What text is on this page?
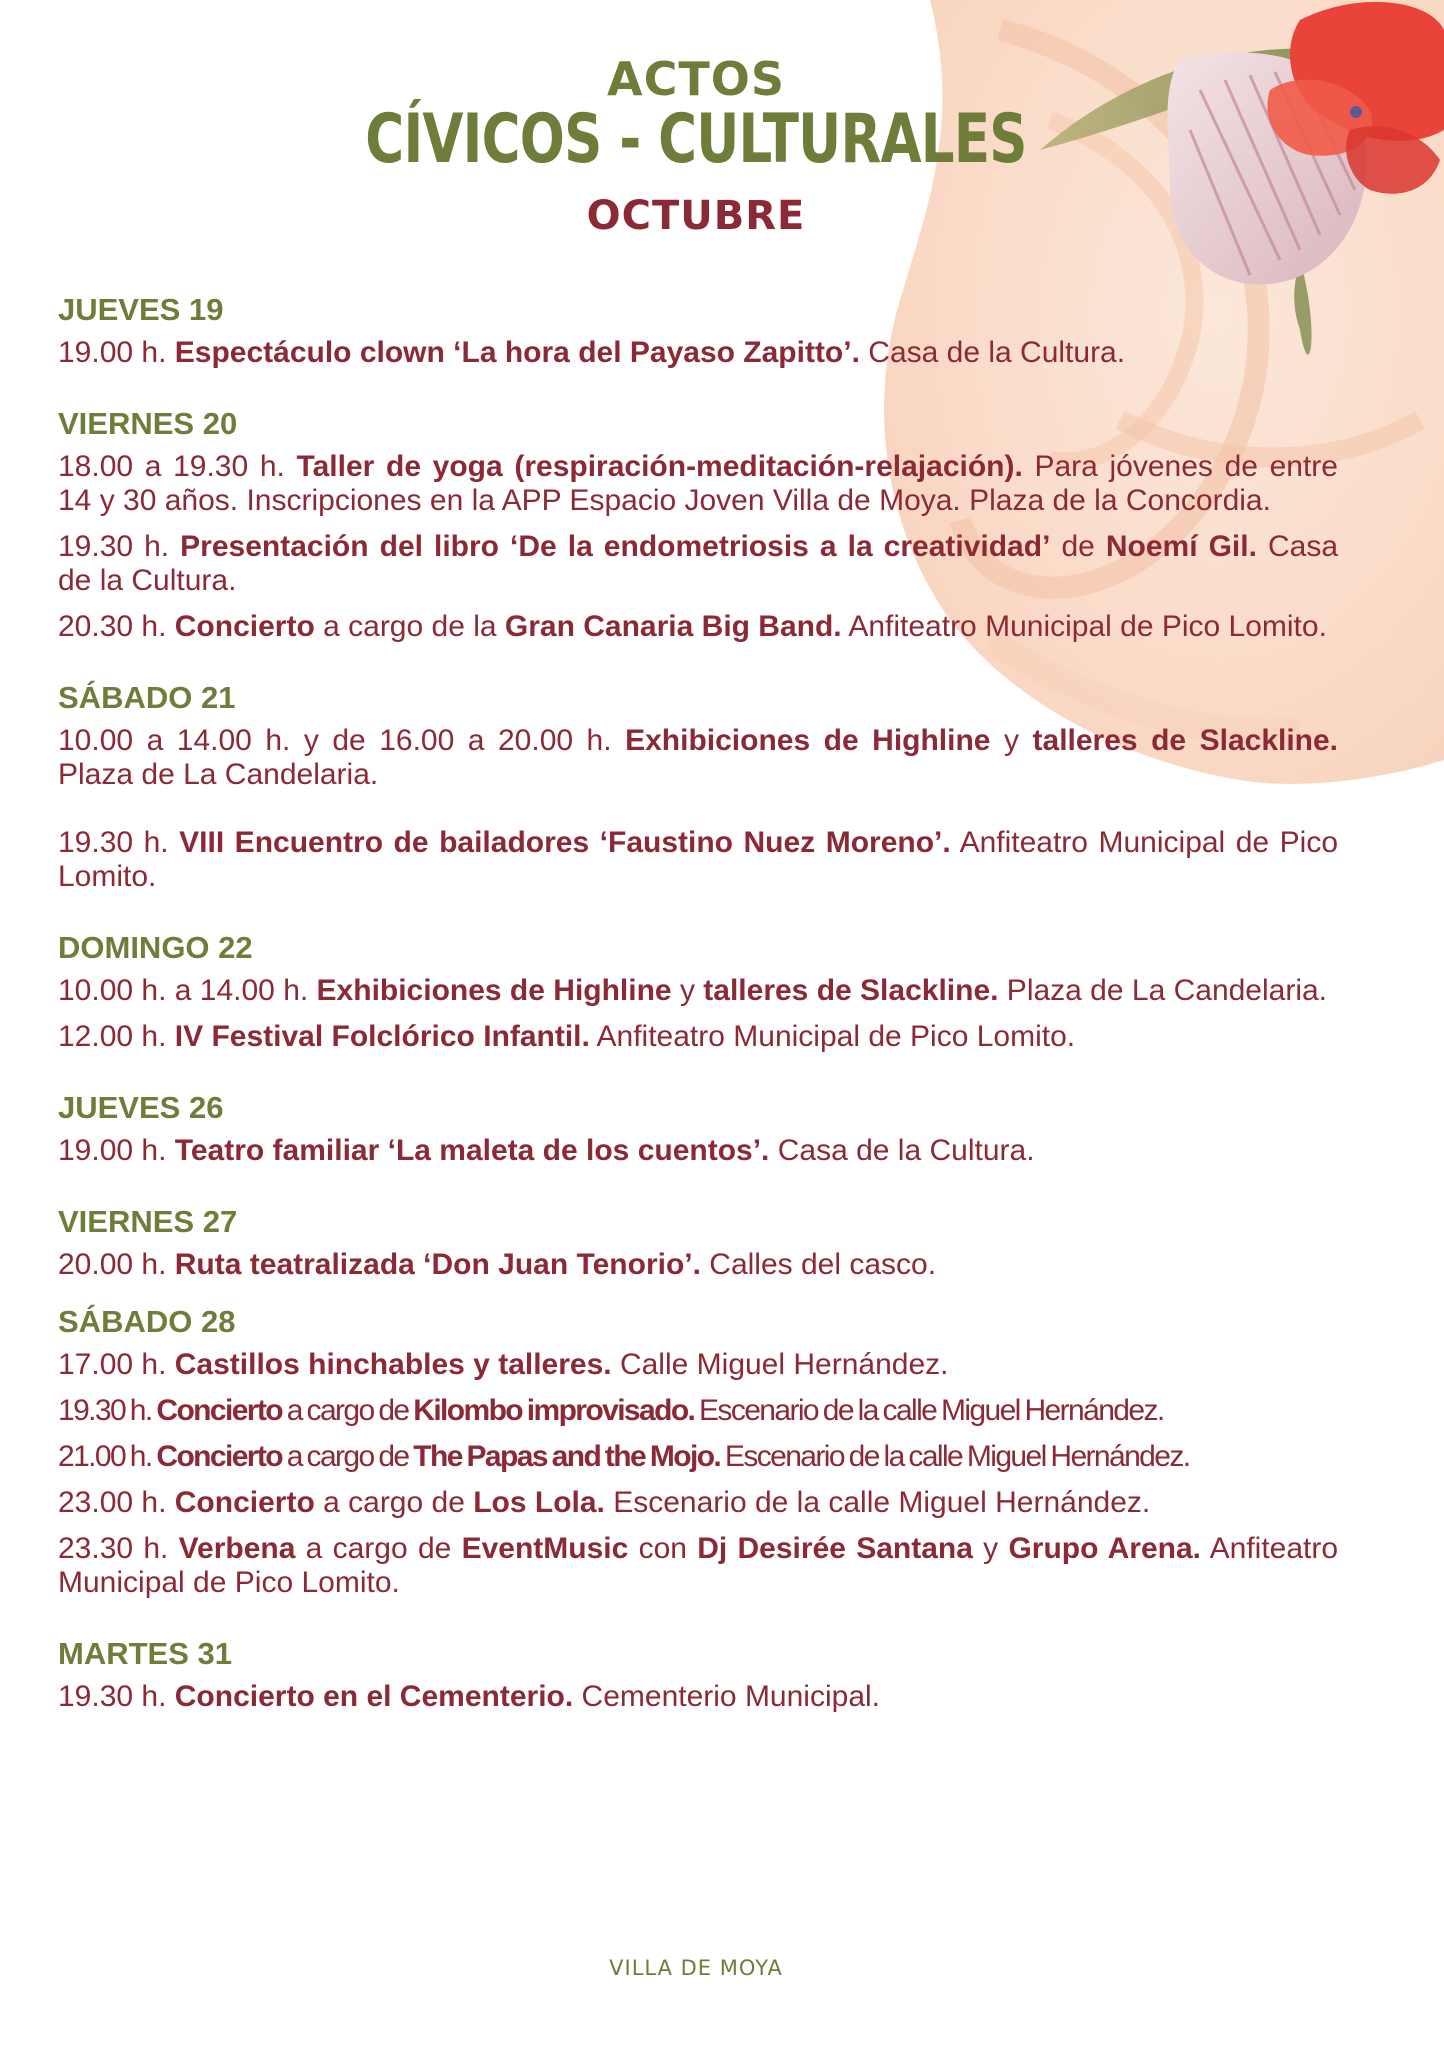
ACTOS
CÍVICOS - CULTURALES
OCTUBRE
JUEVES 19

19.00 h. Espectáculo clown ‘La hora del Payaso Zapitto’. Casa de la Cultura.

VIERNES 20

18.00 a 19.30 h. Taller de yoga (respiración-meditación-relajación). Para jóvenes de entre 14 y 30 años. Inscripciones en la APP Espacio Joven Villa de Moya. Plaza de la Concordia.

19.30 h. Presentación del libro ‘De la endometriosis a la creatividad’ de Noemí Gil. Casa de la Cultura.

20.30 h. Concierto a cargo de la Gran Canaria Big Band. Anfiteatro Municipal de Pico Lomito.

SÁBADO 21

10.00 a 14.00 h. y de 16.00 a 20.00 h. Exhibiciones de Highline y talleres de Slackline. Plaza de La Candelaria.

19.30 h. VIII Encuentro de bailadores ‘Faustino Nuez Moreno’. Anfiteatro Municipal de Pico Lomito.

DOMINGO 22

10.00 h. a 14.00 h. Exhibiciones de Highline y talleres de Slackline. Plaza de La Candelaria.

12.00 h. IV Festival Folclórico Infantil. Anfiteatro Municipal de Pico Lomito.

JUEVES 26

19.00 h. Teatro familiar ‘La maleta de los cuentos’. Casa de la Cultura.

VIERNES 27

20.00 h. Ruta teatralizada ‘Don Juan Tenorio’. Calles del casco.

SÁBADO 28

17.00 h. Castillos hinchables y talleres. Calle Miguel Hernández.

19.30 h. Concierto a cargo de Kilombo improvisado. Escenario de la calle Miguel Hernández.

21.00 h. Concierto a cargo de The Papas and the Mojo. Escenario de la calle Miguel Hernández.

23.00 h. Concierto a cargo de Los Lola. Escenario de la calle Miguel Hernández.

23.30 h. Verbena a cargo de EventMusic con Dj Desirée Santana y Grupo Arena. Anfiteatro Municipal de Pico Lomito.

MARTES 31

19.30 h. Concierto en el Cementerio. Cementerio Municipal.

VILLA DE MOYA
